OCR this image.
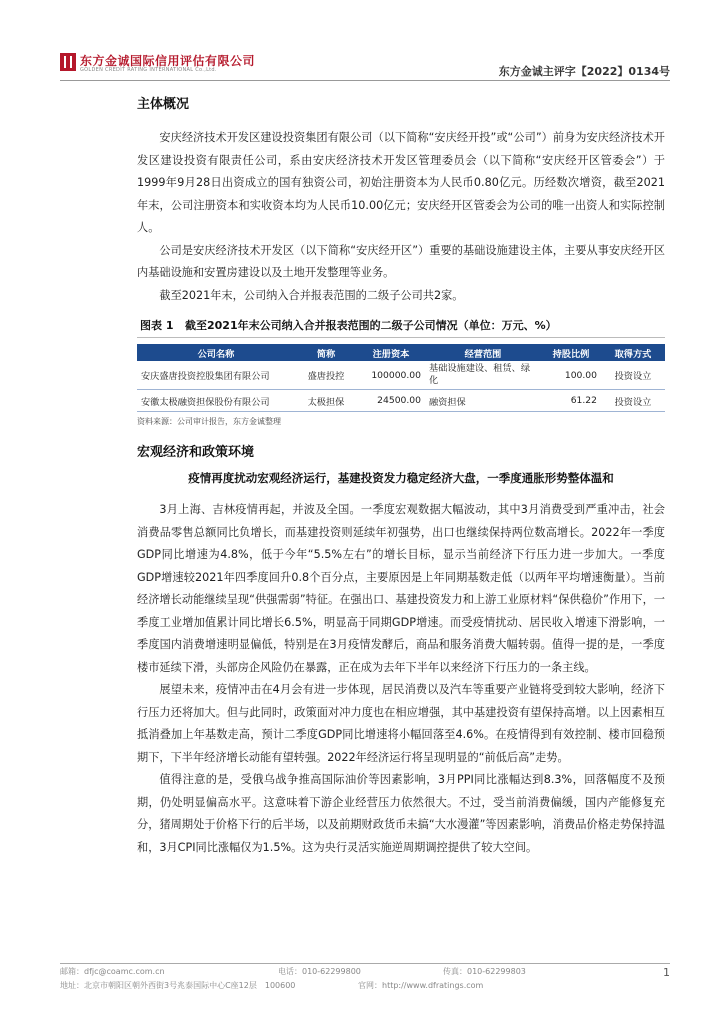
东方金诚国际信用评估有限公司
GOLDEN CREDIT RATING INTERNATIONAL Co.,Ltd.	东方金诚主评字【2022】0134号
主体概况

安庆经济技术开发区建设投资集团有限公司（以下简称“安庆经开投”或“公司”）前身为安庆经济技术开发区建设投资有限责任公司，系由安庆经济技术开发区管理委员会（以下简称“安庆经开区管委会”）于1999年9月28日出资成立的国有独资公司，初始注册资本为人民币0.80亿元。历经数次增资，截至2021年末，公司注册资本和实收资本均为人民币10.00亿元；安庆经开区管委会为公司的唯一出资人和实际控制人。

公司是安庆经济技术开发区（以下简称“安庆经开区”）重要的基础设施建设主体，主要从事安庆经开区内基础设施和安置房建设以及土地开发整理等业务。

截至2021年末，公司纳入合并报表范围的二级子公司共2家。

图表 1 截至2021年末公司纳入合并报表范围的二级子公司情况（单位：万元、%）
公司名称	简称	注册资本	经营范围	持股比例	取得方式
安庆盛唐投资控股集团有限公司	盛唐投控	100000.00	基础设施建设、租赁、绿化	100.00	投资设立
安徽太极融资担保股份有限公司	太极担保	24500.00	融资担保	61.22	投资设立
资料来源：公司审计报告，东方金诚整理
宏观经济和政策环境
疫情再度扰动宏观经济运行，基建投资发力稳定经济大盘，一季度通胀形势整体温和

3月上海、吉林疫情再起，并波及全国。一季度宏观数据大幅波动，其中3月消费受到严重冲击，社会消费品零售总额同比负增长，而基建投资则延续年初强势，出口也继续保持两位数高增长。2022年一季度GDP同比增速为4.8%，低于今年“5.5%左右”的增长目标，显示当前经济下行压力进一步加大。一季度GDP增速较2021年四季度回升0.8个百分点，主要原因是上年同期基数走低（以两年平均增速衡量）。当前经济增长动能继续呈现“供强需弱”特征。在强出口、基建投资发力和上游工业原材料“保供稳价”作用下，一季度工业增加值累计同比增长6.5%，明显高于同期GDP增速。而受疫情扰动、居民收入增速下滑影响，一季度国内消费增速明显偏低，特别是在3月疫情发酵后，商品和服务消费大幅转弱。值得一提的是，一季度楼市延续下滑，头部房企风险仍在暴露，正在成为去年下半年以来经济下行压力的一条主线。

展望未来，疫情冲击在4月会有进一步体现，居民消费以及汽车等重要产业链将受到较大影响，经济下行压力还将加大。但与此同时，政策面对冲力度也在相应增强，其中基建投资有望保持高增。以上因素相互抵消叠加上年基数走高，预计二季度GDP同比增速将小幅回落至4.6%。在疫情得到有效控制、楼市回稳预期下，下半年经济增长动能有望转强。2022年经济运行将呈现明显的“前低后高”走势。

值得注意的是，受俄乌战争推高国际油价等因素影响，3月PPI同比涨幅达到8.3%，回落幅度不及预期，仍处明显偏高水平。这意味着下游企业经营压力依然很大。不过，受当前消费偏缓，国内产能修复充分，猪周期处于价格下行的后半场，以及前期财政货币未搞“大水漫灌”等因素影响，消费品价格走势保持温和，3月CPI同比涨幅仅为1.5%。这为央行灵活实施逆周期调控提供了较大空间。

邮箱：dfjc@coamc.com.cn	电话：010-62299800	传真：010-62299803	1
地址：北京市朝阳区朝外西街3号兆泰国际中心C座12层　100600	官网：http://www.dfratings.com
